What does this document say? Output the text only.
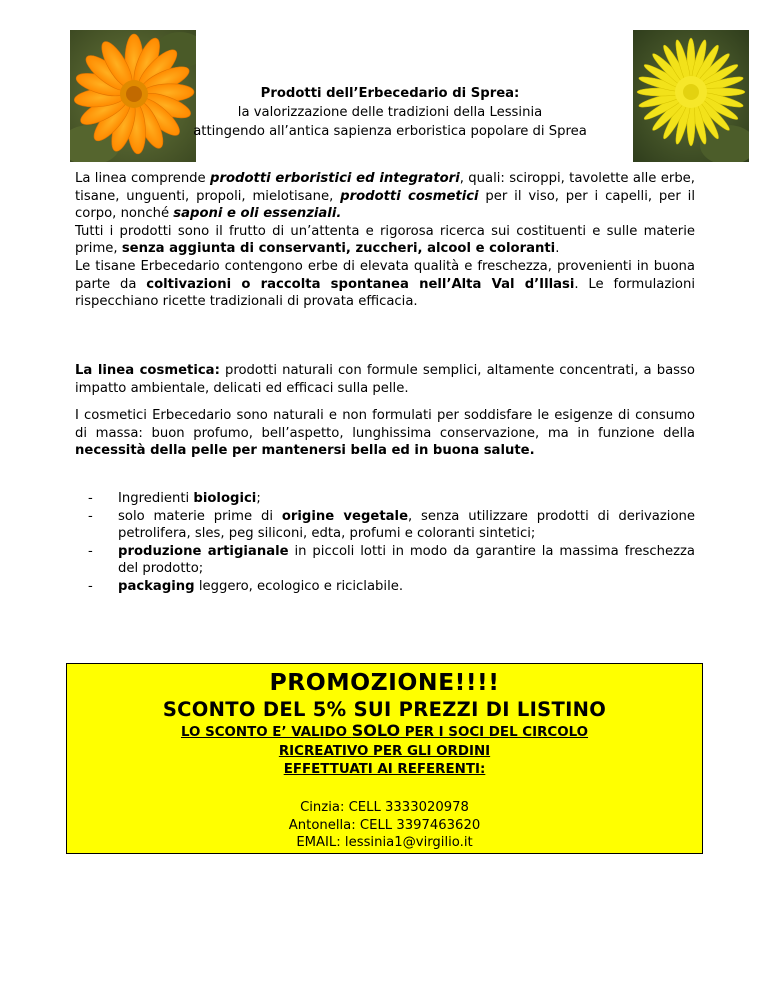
Prodotti dell’Erbecedario di Sprea:
la valorizzazione delle tradizioni della Lessinia
attingendo all’antica sapienza erboristica popolare di Sprea

La linea comprende prodotti erboristici ed integratori, quali: sciroppi, tavolette alle erbe, tisane, unguenti, propoli, mielotisane, prodotti cosmetici per il viso, per i capelli, per il corpo, nonché saponi e oli essenziali.
Tutti i prodotti sono il frutto di un’attenta e rigorosa ricerca sui costituenti e sulle materie prime, senza aggiunta di conservanti, zuccheri, alcool e coloranti.
Le tisane Erbecedario contengono erbe di elevata qualità e freschezza, provenienti in buona parte da coltivazioni o raccolta spontanea nell’Alta Val d’Illasi. Le formulazioni rispecchiano ricette tradizionali di provata efficacia.

La linea cosmetica: prodotti naturali con formule semplici, altamente concentrati, a basso impatto ambientale, delicati ed efficaci sulla pelle.

I cosmetici Erbecedario sono naturali e non formulati per soddisfare le esigenze di consumo di massa: buon profumo, bell’aspetto, lunghissima conservazione, ma in funzione della necessità della pelle per mantenersi bella ed in buona salute.

- Ingredienti biologici;
- solo materie prime di origine vegetale, senza utilizzare prodotti di derivazione petrolifera, sles, peg siliconi, edta, profumi e coloranti sintetici;
- produzione artigianale in piccoli lotti in modo da garantire la massima freschezza del prodotto;
- packaging leggero, ecologico e riciclabile.
PROMOZIONE!!!!
SCONTO DEL 5% SUI PREZZI DI LISTINO
LO SCONTO E’ VALIDO SOLO PER I SOCI DEL CIRCOLO
RICREATIVO PER GLI ORDINI
EFFETTUATI AI REFERENTI:
Cinzia: CELL 3333020978
Antonella: CELL 3397463620
EMAIL: lessinia1@virgilio.it
